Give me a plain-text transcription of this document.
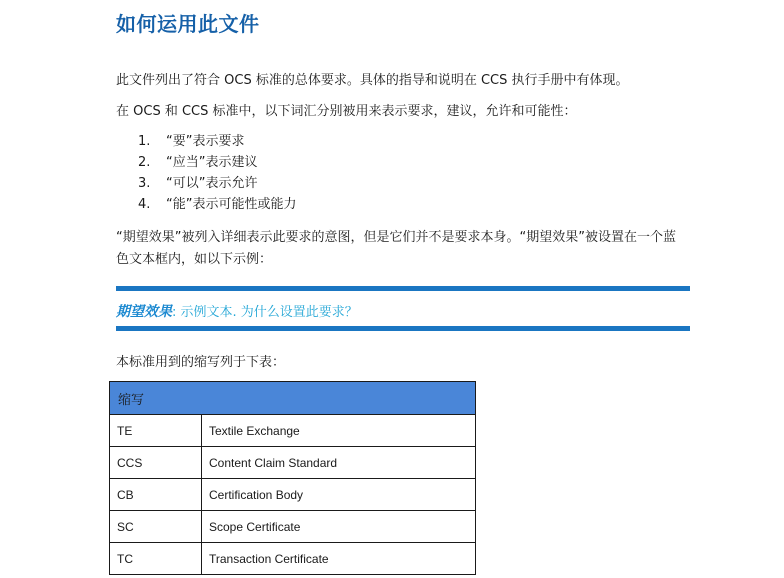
如何运用此文件
此文件列出了符合 OCS 标准的总体要求。具体的指导和说明在 CCS 执行手册中有体现。
在 OCS 和 CCS 标准中，以下词汇分别被用来表示要求，建议，允许和可能性：
1. “要”表示要求
2. “应当”表示建议
3. “可以”表示允许
4. “能”表示可能性或能力
“期望效果”被列入详细表示此要求的意图，但是它们并不是要求本身。“期望效果”被设置在一个蓝色文本框内，如以下示例：
期望效果: 示例文本. 为什么设置此要求？
本标准用到的缩写列于下表：
缩写	
TE	Textile Exchange
CCS	Content Claim Standard
CB	Certification Body
SC	Scope Certificate
TC	Transaction Certificate
